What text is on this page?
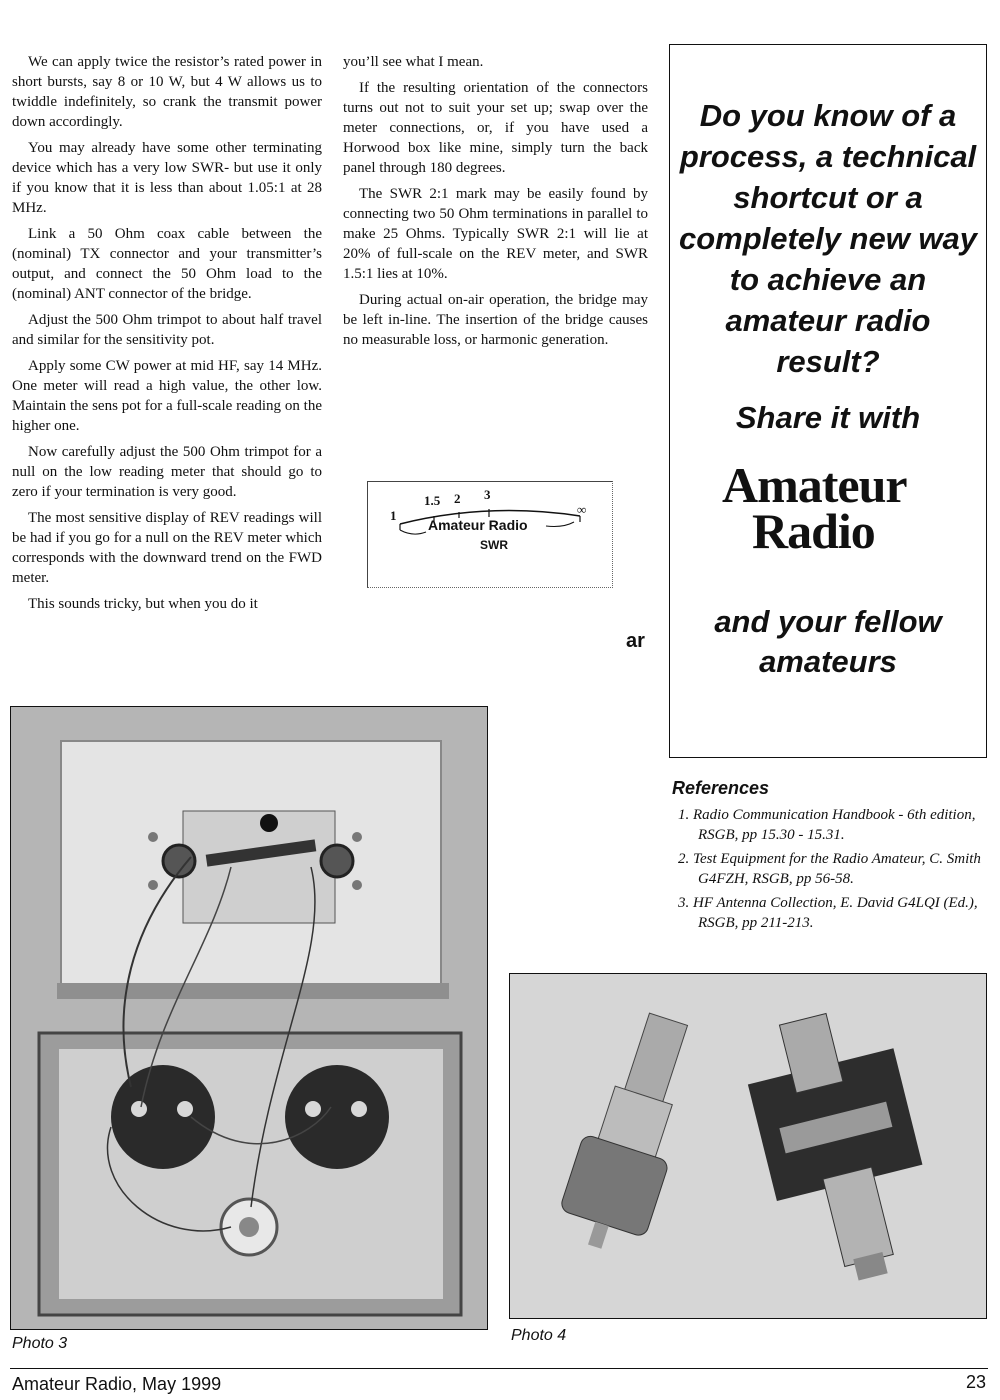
We can apply twice the resistor’s rated power in short bursts, say 8 or 10 W, but 4 W allows us to twiddle indefinitely, so crank the transmit power down accordingly.

You may already have some other terminating device which has a very low SWR- but use it only if you know that it is less than about 1.05:1 at 28 MHz.

Link a 50 Ohm coax cable between the (nominal) TX connector and your transmitter’s output, and connect the 50 Ohm load to the (nominal) ANT connector of the bridge.

Adjust the 500 Ohm trimpot to about half travel and similar for the sensitivity pot.

Apply some CW power at mid HF, say 14 MHz. One meter will read a high value, the other low. Maintain the sens pot for a full-scale reading on the higher one.

Now carefully adjust the 500 Ohm trimpot for a null on the low reading meter that should go to zero if your termination is very good.

The most sensitive display of REV readings will be had if you go for a null on the REV meter which corresponds with the downward trend on the FWD meter.

This sounds tricky, but when you do it

you’ll see what I mean.

If the resulting orientation of the connectors turns out not to suit your set up; swap over the meter connections, or, if you have used a Horwood box like mine, simply turn the back panel through 180 degrees.

The SWR 2:1 mark may be easily found by connecting two 50 Ohm terminations in parallel to make 25 Ohms. Typically SWR 2:1 will lie at 20% of full-scale on the REV meter, and SWR 1.5:1 lies at 10%.

During actual on-air operation, the bridge may be left in-line. The insertion of the bridge causes no measurable loss, or harmonic generation.

1
1.5 2 3
∞
Amateur Radio
SWR
ar
Do you know of a process, a technical shortcut or a completely new way to achieve an amateur radio result?
Share it with
Amateur
Radio
and your fellow amateurs
References
1. Radio Communication Handbook - 6th edition, RSGB, pp 15.30 - 15.31.
2. Test Equipment for the Radio Amateur, C. Smith G4FZH, RSGB, pp 56-58.
3. HF Antenna Collection, E. David G4LQI (Ed.), RSGB, pp 211-213.
Photo 3	Photo 4
Amateur Radio, May 1999	23
